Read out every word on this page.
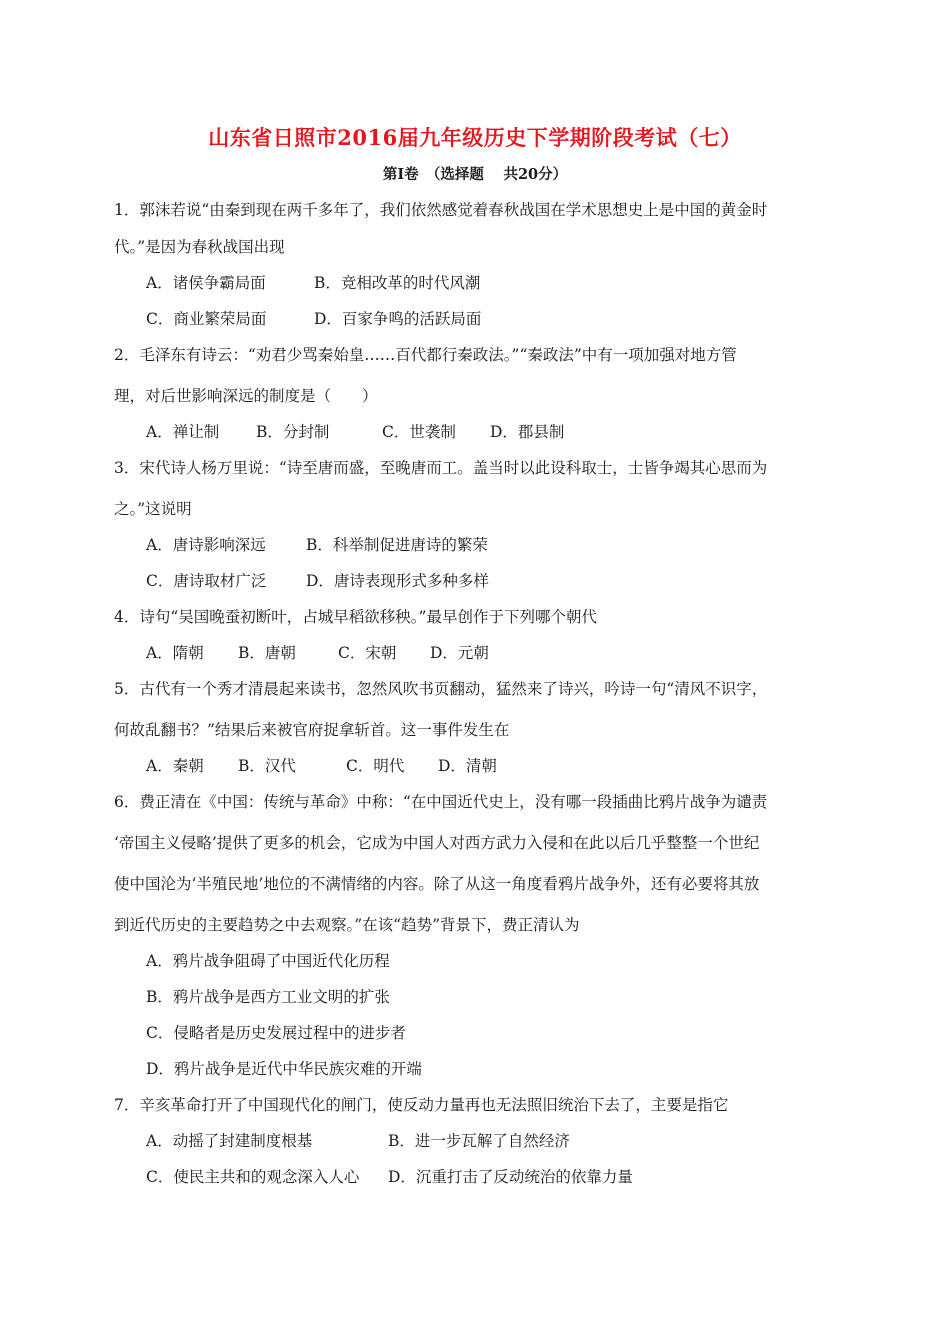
山东省日照市2016届九年级历史下学期阶段考试（七）
第Ⅰ卷　（选择题　 共20分）
1．郭沫若说“由秦到现在两千多年了，我们依然感觉着春秋战国在学术思想史上是中国的黄金时
代。”是因为春秋战国出现
A．诸侯争霸局面	B．竞相改革的时代风潮
C．商业繁荣局面	D．百家争鸣的活跃局面
2．毛泽东有诗云：“劝君少骂秦始皇……百代都行秦政法。”“秦政法”中有一项加强对地方管
理，对后世影响深远的制度是（　　）
A．禅让制 B．分封制	C．世袭制 D．郡县制
3．宋代诗人杨万里说：“诗至唐而盛，至晚唐而工。盖当时以此设科取士，士皆争竭其心思而为
之。”这说明
A．唐诗影响深远	B．科举制促进唐诗的繁荣
C．唐诗取材广泛	D．唐诗表现形式多种多样
4．诗句“吴国晚蚕初断叶，占城早稻欲移秧。”最早创作于下列哪个朝代
A．隋朝 B．唐朝	C．宋朝 D．元朝
5．古代有一个秀才清晨起来读书，忽然风吹书页翻动，猛然来了诗兴，吟诗一句“清风不识字，
何故乱翻书？”结果后来被官府捉拿斩首。这一事件发生在
A．秦朝 B．汉代	C．明代 D．清朝
6．费正清在《中国：传统与革命》中称：“在中国近代史上，没有哪一段插曲比鸦片战争为谴责
‘帝国主义侵略’提供了更多的机会，它成为中国人对西方武力入侵和在此以后几乎整整一个世纪
使中国沦为‘半殖民地’地位的不满情绪的内容。除了从这一角度看鸦片战争外，还有必要将其放
到近代历史的主要趋势之中去观察。”在该“趋势”背景下，费正清认为
A．鸦片战争阻碍了中国近代化历程
B．鸦片战争是西方工业文明的扩张
C．侵略者是历史发展过程中的进步者
D．鸦片战争是近代中华民族灾难的开端
7．辛亥革命打开了中国现代化的闸门，使反动力量再也无法照旧统治下去了，主要是指它
A．动摇了封建制度根基	B．进一步瓦解了自然经济
C．使民主共和的观念深入人心 D．沉重打击了反动统治的依靠力量
